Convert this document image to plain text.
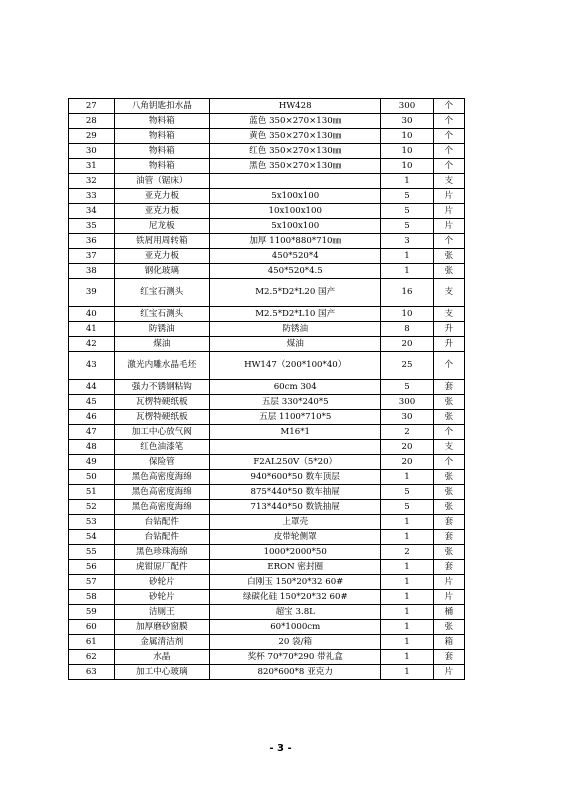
27	八角钥匙扣水晶	HW428	300	个
28	物料箱	蓝色 350×270×130㎜	30	个
29	物料箱	黄色 350×270×130㎜	10	个
30	物料箱	红色 350×270×130㎜	10	个
31	物料箱	黑色 350×270×130㎜	10	个
32	油管（锯床）		1	支
33	亚克力板	5x100x100	5	片
34	亚克力板	10x100x100	5	片
35	尼龙板	5x100x100	5	片
36	铁屑用周转箱	加厚 1100*880*710㎜	3	个
37	亚克力板	450*520*4	1	张
38	钢化玻璃	450*520*4.5	1	张
39	红宝石测头	M2.5*D2*L20 国产	16	支
40	红宝石测头	M2.5*D2*L10 国产	10	支
41	防锈油	防锈油	8	升
42	煤油	煤油	20	升
43	激光内雕水晶毛坯	HW147（200*100*40）	25	个
44	强力不锈钢粘钩	60cm 304	5	套
45	瓦楞特硬纸板	五层 330*240*5	300	张
46	瓦楞特硬纸板	五层 1100*710*5	30	张
47	加工中心放气阀	M16*1	2	个
48	红色油漆笔		20	支
49	保险管	F2AL250V（5*20）	20	个
50	黑色高密度海绵	940*600*50 数车顶层	1	张
51	黑色高密度海绵	875*440*50 数车抽屉	5	张
52	黑色高密度海绵	713*440*50 数铣抽屉	5	张
53	台钻配件	上罩壳	1	套
54	台钻配件	皮带轮侧罩	1	套
55	黑色珍珠海绵	1000*2000*50	2	张
56	虎钳原厂配件	ERON 密封圈	1	套
57	砂轮片	白刚玉 150*20*32 60#	1	片
58	砂轮片	绿碳化硅 150*20*32 60#	1	片
59	洁厕王	超宝 3.8L	1	桶
60	加厚磨砂窗膜	60*1000cm	1	张
61	金属清洁剂	20 袋/箱	1	箱
62	水晶	奖杯 70*70*290 带礼盒	1	套
63	加工中心玻璃	820*600*8 亚克力	1	片
- 3 -
